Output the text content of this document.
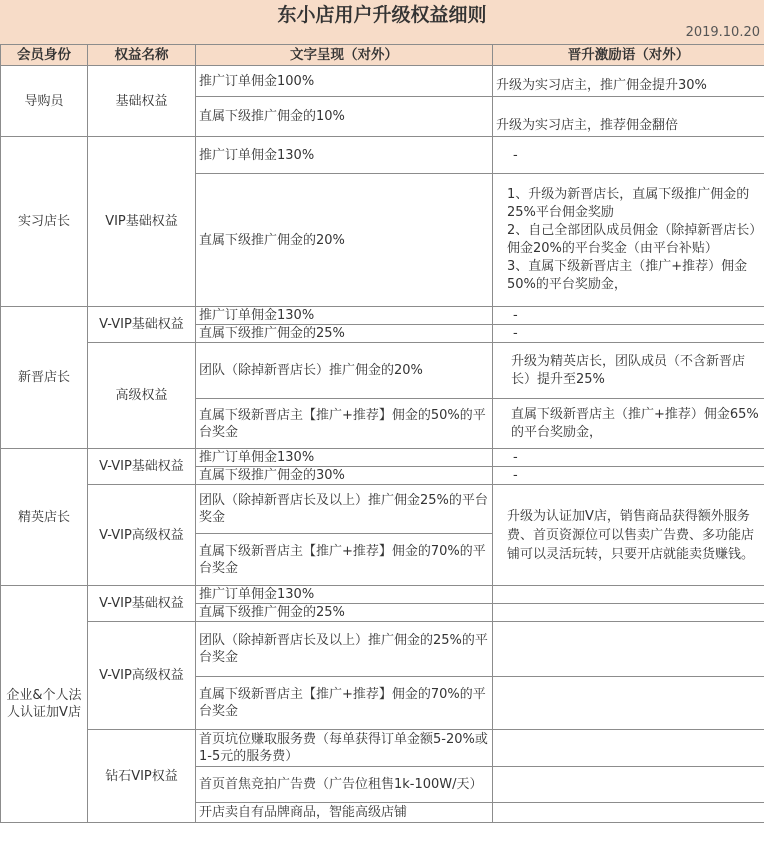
东小店用户升级权益细则
2019.10.20
会员身份	权益名称	文字呈现（对外）	晋升激励语（对外）
导购员	基础权益	推广订单佣金100%	升级为实习店主，推广佣金提升30%
		直属下级推广佣金的10%	升级为实习店主，推荐佣金翻倍
实习店长	VIP基础权益	推广订单佣金130%	-
		直属下级推广佣金的20%	1、升级为新晋店长，直属下级推广佣金的25%平台佣金奖励
2、自己全部团队成员佣金（除掉新晋店长）佣金20%的平台奖金（由平台补贴）
3、直属下级新晋店主（推广+推荐）佣金50%的平台奖励金，

新晋店长	V-VIP基础权益	推广订单佣金130%	-
		直属下级推广佣金的25%	-
	高级权益	团队（除掉新晋店长）推广佣金的20%	升级为精英店长，团队成员（不含新晋店长）提升至25%
		直属下级新晋店主【推广+推荐】佣金的50%的平台奖金	直属下级新晋店主（推广+推荐）佣金65%的平台奖励金，
精英店长	V-VIP基础权益	推广订单佣金130%	-
		直属下级推广佣金的30%	-
	V-VIP高级权益	团队（除掉新晋店长及以上）推广佣金25%的平台奖金	升级为认证加V店，销售商品获得额外服务费、首页资源位可以售卖广告费、多功能店铺可以灵活玩转，只要开店就能卖货赚钱。
		直属下级新晋店主【推广+推荐】佣金的70%的平台奖金	
企业&个人法人认证加V店	V-VIP基础权益	推广订单佣金130%	
		直属下级推广佣金的25%	
	V-VIP高级权益	团队（除掉新晋店长及以上）推广佣金的25%的平台奖金	
		直属下级新晋店主【推广+推荐】佣金的70%的平台奖金	
	钻石VIP权益	首页坑位赚取服务费（每单获得订单金额5-20%或1-5元的服务费）	
		首页首焦竞拍广告费（广告位租售1k-100W/天）	
		开店卖自有品牌商品，智能高级店铺	
